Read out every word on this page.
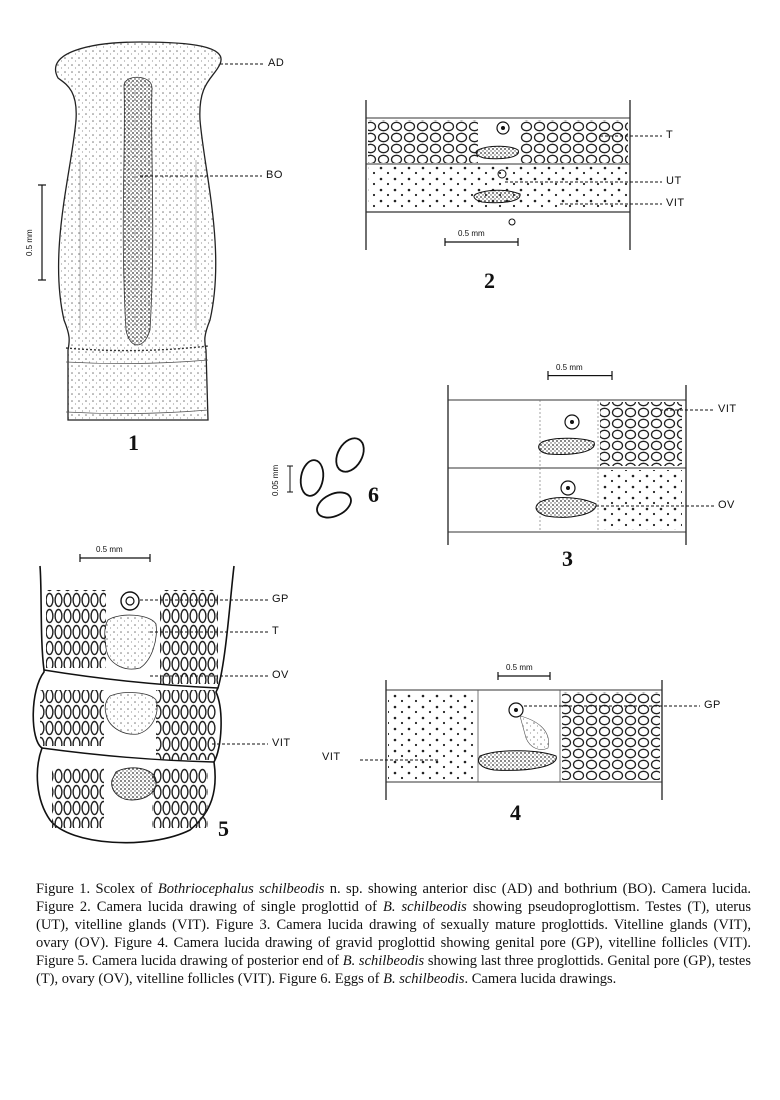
AD
BO
0.5 mm
1
T
UT
VIT
0.5 mm
2
0.5 mm
VIT
OV
3
0.05 mm	6
0.5 mm
GP
T
OV
VIT
5
0.5 mm
GP
VIT
4

Figure 1. Scolex of Bothriocephalus schilbeodis n. sp. showing anterior disc (AD) and bothrium (BO). Camera lucida. Figure 2. Camera lucida drawing of single proglottid of B. schilbeodis showing pseudoproglottism. Testes (T), uterus (UT), vitelline glands (VIT). Figure 3. Camera lucida drawing of sexually mature proglottids. Vitelline glands (VIT), ovary (OV). Figure 4. Camera lucida drawing of gravid proglottid showing genital pore (GP), vitelline follicles (VIT). Figure 5. Camera lucida drawing of posterior end of B. schilbeodis showing last three proglottids. Genital pore (GP), testes (T), ovary (OV), vitelline follicles (VIT). Figure 6. Eggs of B. schilbeodis. Camera lucida drawings.
